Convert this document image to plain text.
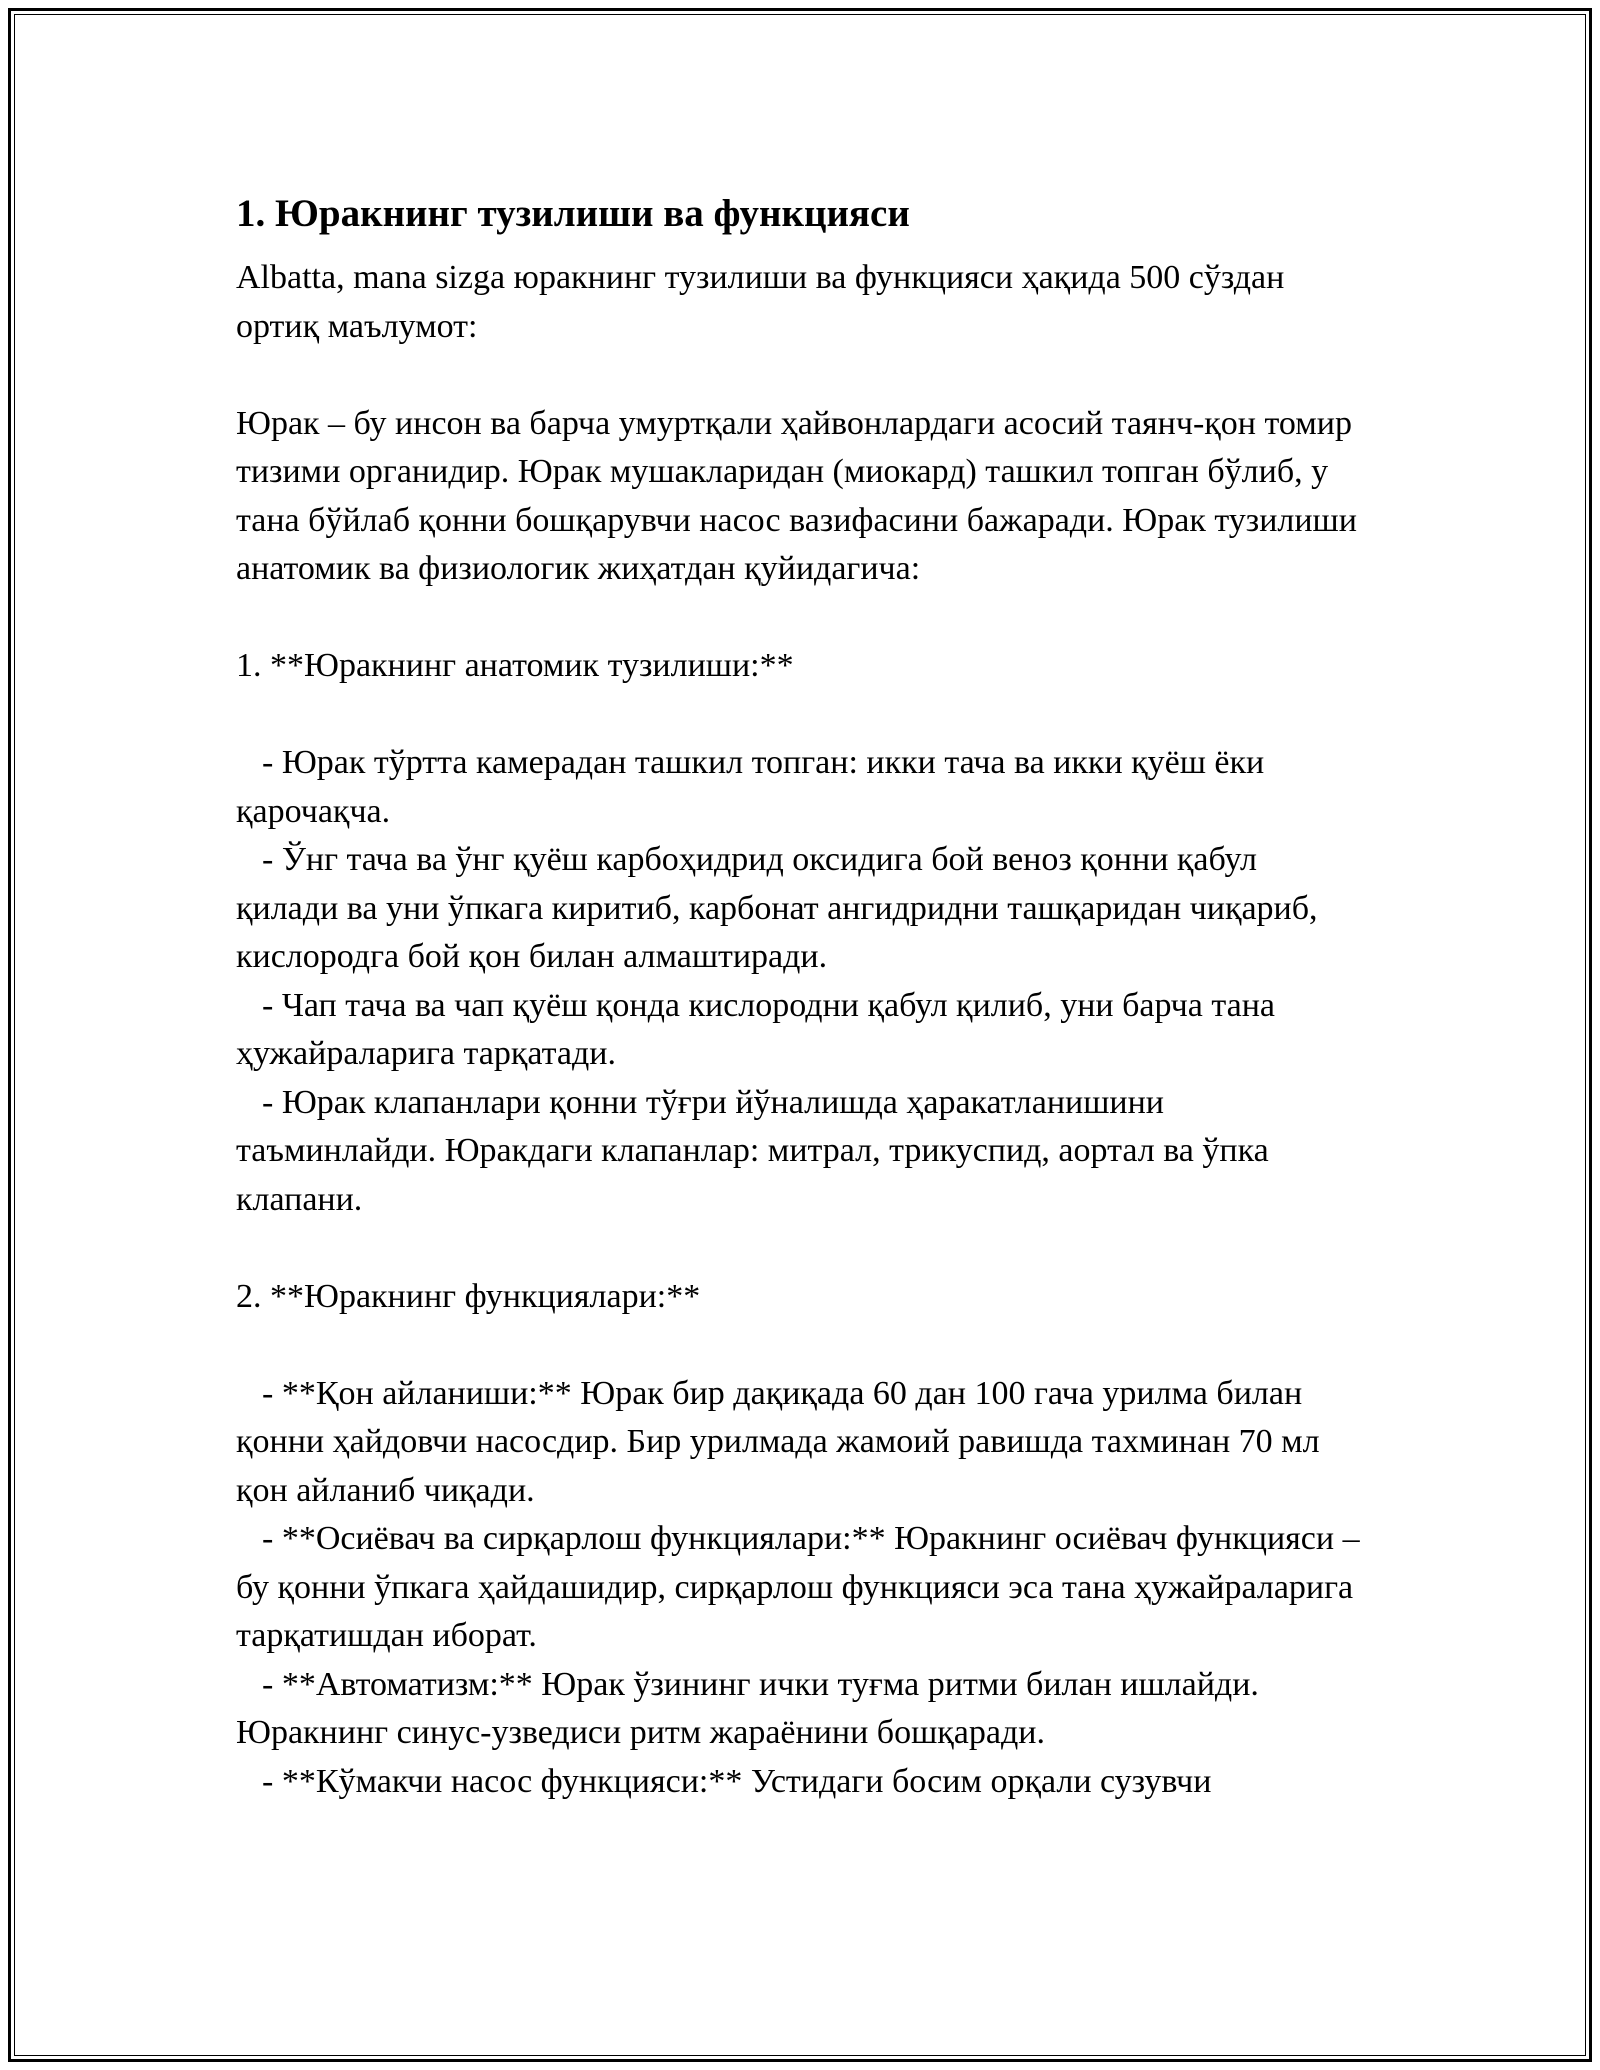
1. Юракнинг тузилиши ва функцияси

Albatta, mana sizga юракнинг тузилиши ва функцияси ҳақида 500 сўздан ортиқ маълумот:

Юрак – бу инсон ва барча умуртқали ҳайвонлардаги асосий таянч-қон томир тизими органидир. Юрак мушакларидан (миокард) ташкил топган бўлиб, у тана бўйлаб қонни бошқарувчи насос вазифасини бажаради. Юрак тузилиши анатомик ва физиологик жиҳатдан қуйидагича:

1. **Юракнинг анатомик тузилиши:**

- Юрак тўртта камерадан ташкил топган: икки тача ва икки қуёш ёки қарочақча.

- Ўнг тача ва ўнг қуёш карбоҳидрид оксидига бой веноз қонни қабул қилади ва уни ўпкага киритиб, карбонат ангидридни ташқаридан чиқариб, кислородга бой қон билан алмаштиради.

- Чап тача ва чап қуёш қонда кислородни қабул қилиб, уни барча тана ҳужайраларига тарқатади.

- Юрак клапанлари қонни тўғри йўналишда ҳаракатланишини таъминлайди. Юракдаги клапанлар: митрал, трикуспид, аортал ва ўпка клапани.

2. **Юракнинг функциялари:**

- **Қон айланиши:** Юрак бир дақиқада 60 дан 100 гача урилма билан қонни ҳайдовчи насосдир. Бир урилмада жамоий равишда тахминан 70 мл қон айланиб чиқади.

- **Осиёвач ва сирқарлош функциялари:** Юракнинг осиёвач функцияси – бу қонни ўпкага ҳайдашидир, сирқарлош функцияси эса тана ҳужайраларига тарқатишдан иборат.

- **Автоматизм:** Юрак ўзининг ички туғма ритми билан ишлайди. Юракнинг синус-узведиси ритм жараёнини бошқаради.

- **Кўмакчи насос функцияси:** Устидаги босим орқали сузувчи
